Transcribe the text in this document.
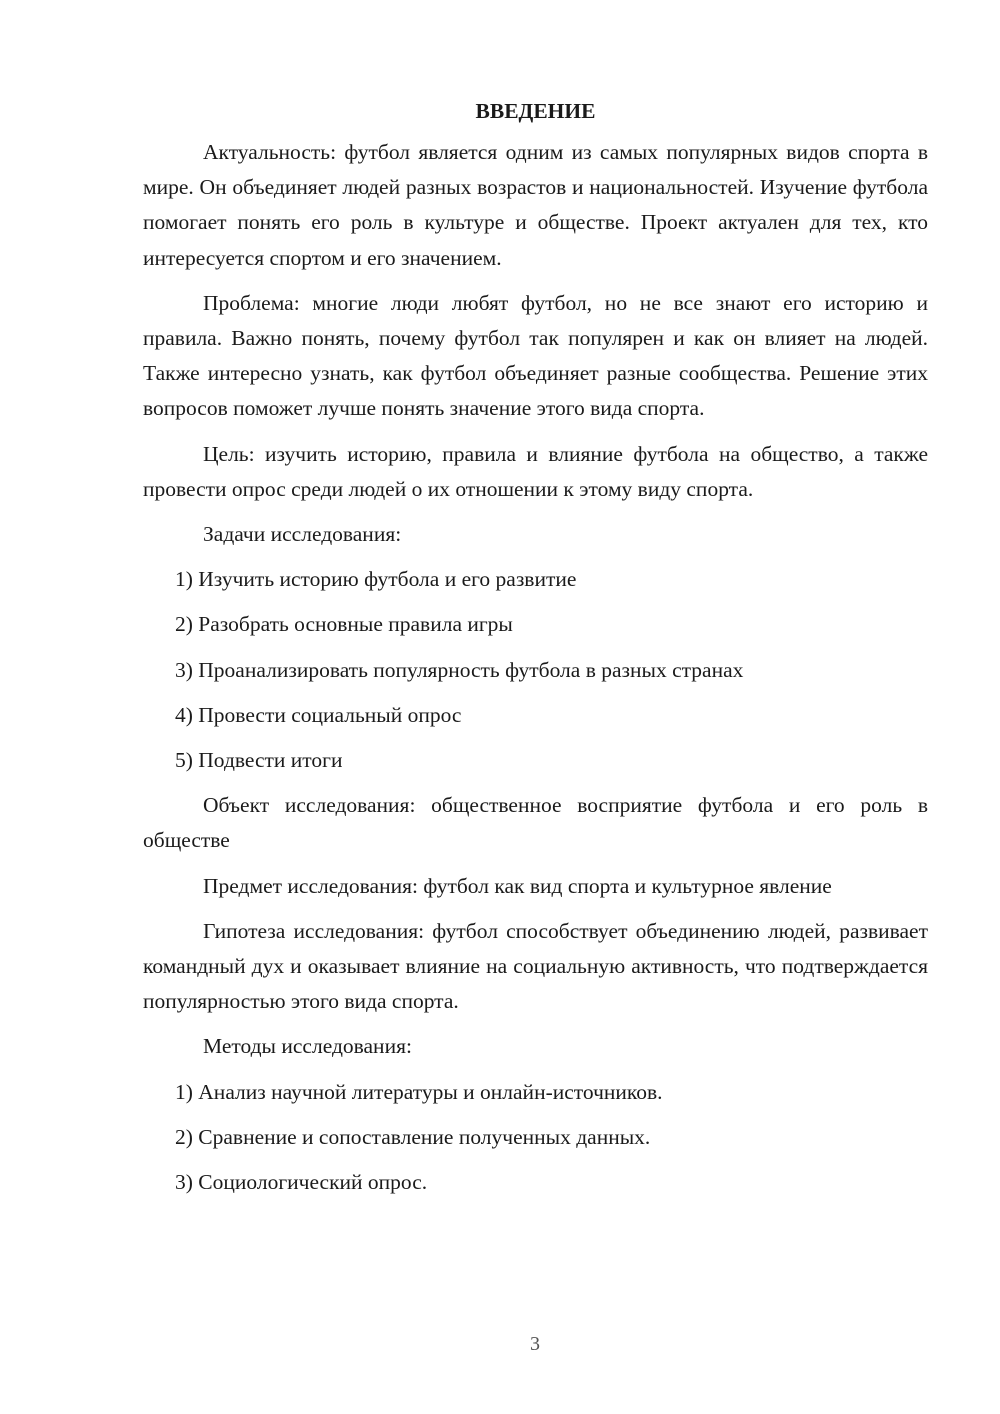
ВВЕДЕНИЕ

Актуальность: футбол является одним из самых популярных видов спорта в мире. Он объединяет людей разных возрастов и национальностей. Изучение футбола помогает понять его роль в культуре и обществе. Проект актуален для тех, кто интересуется спортом и его значением.

Проблема: многие люди любят футбол, но не все знают его историю и правила. Важно понять, почему футбол так популярен и как он влияет на людей. Также интересно узнать, как футбол объединяет разные сообщества. Решение этих вопросов поможет лучше понять значение этого вида спорта.

Цель: изучить историю, правила и влияние футбола на общество, а также провести опрос среди людей о их отношении к этому виду спорта.

Задачи исследования:

1) Изучить историю футбола и его развитие
2) Разобрать основные правила игры
3) Проанализировать популярность футбола в разных странах
4) Провести социальный опрос
5) Подвести итоги

Объект исследования: общественное восприятие футбола и его роль в обществе

Предмет исследования: футбол как вид спорта и культурное явление

Гипотеза исследования: футбол способствует объединению людей, развивает командный дух и оказывает влияние на социальную активность, что подтверждается популярностью этого вида спорта.

Методы исследования:

1) Анализ научной литературы и онлайн-источников.
2) Сравнение и сопоставление полученных данных.
3) Социологический опрос.
3
